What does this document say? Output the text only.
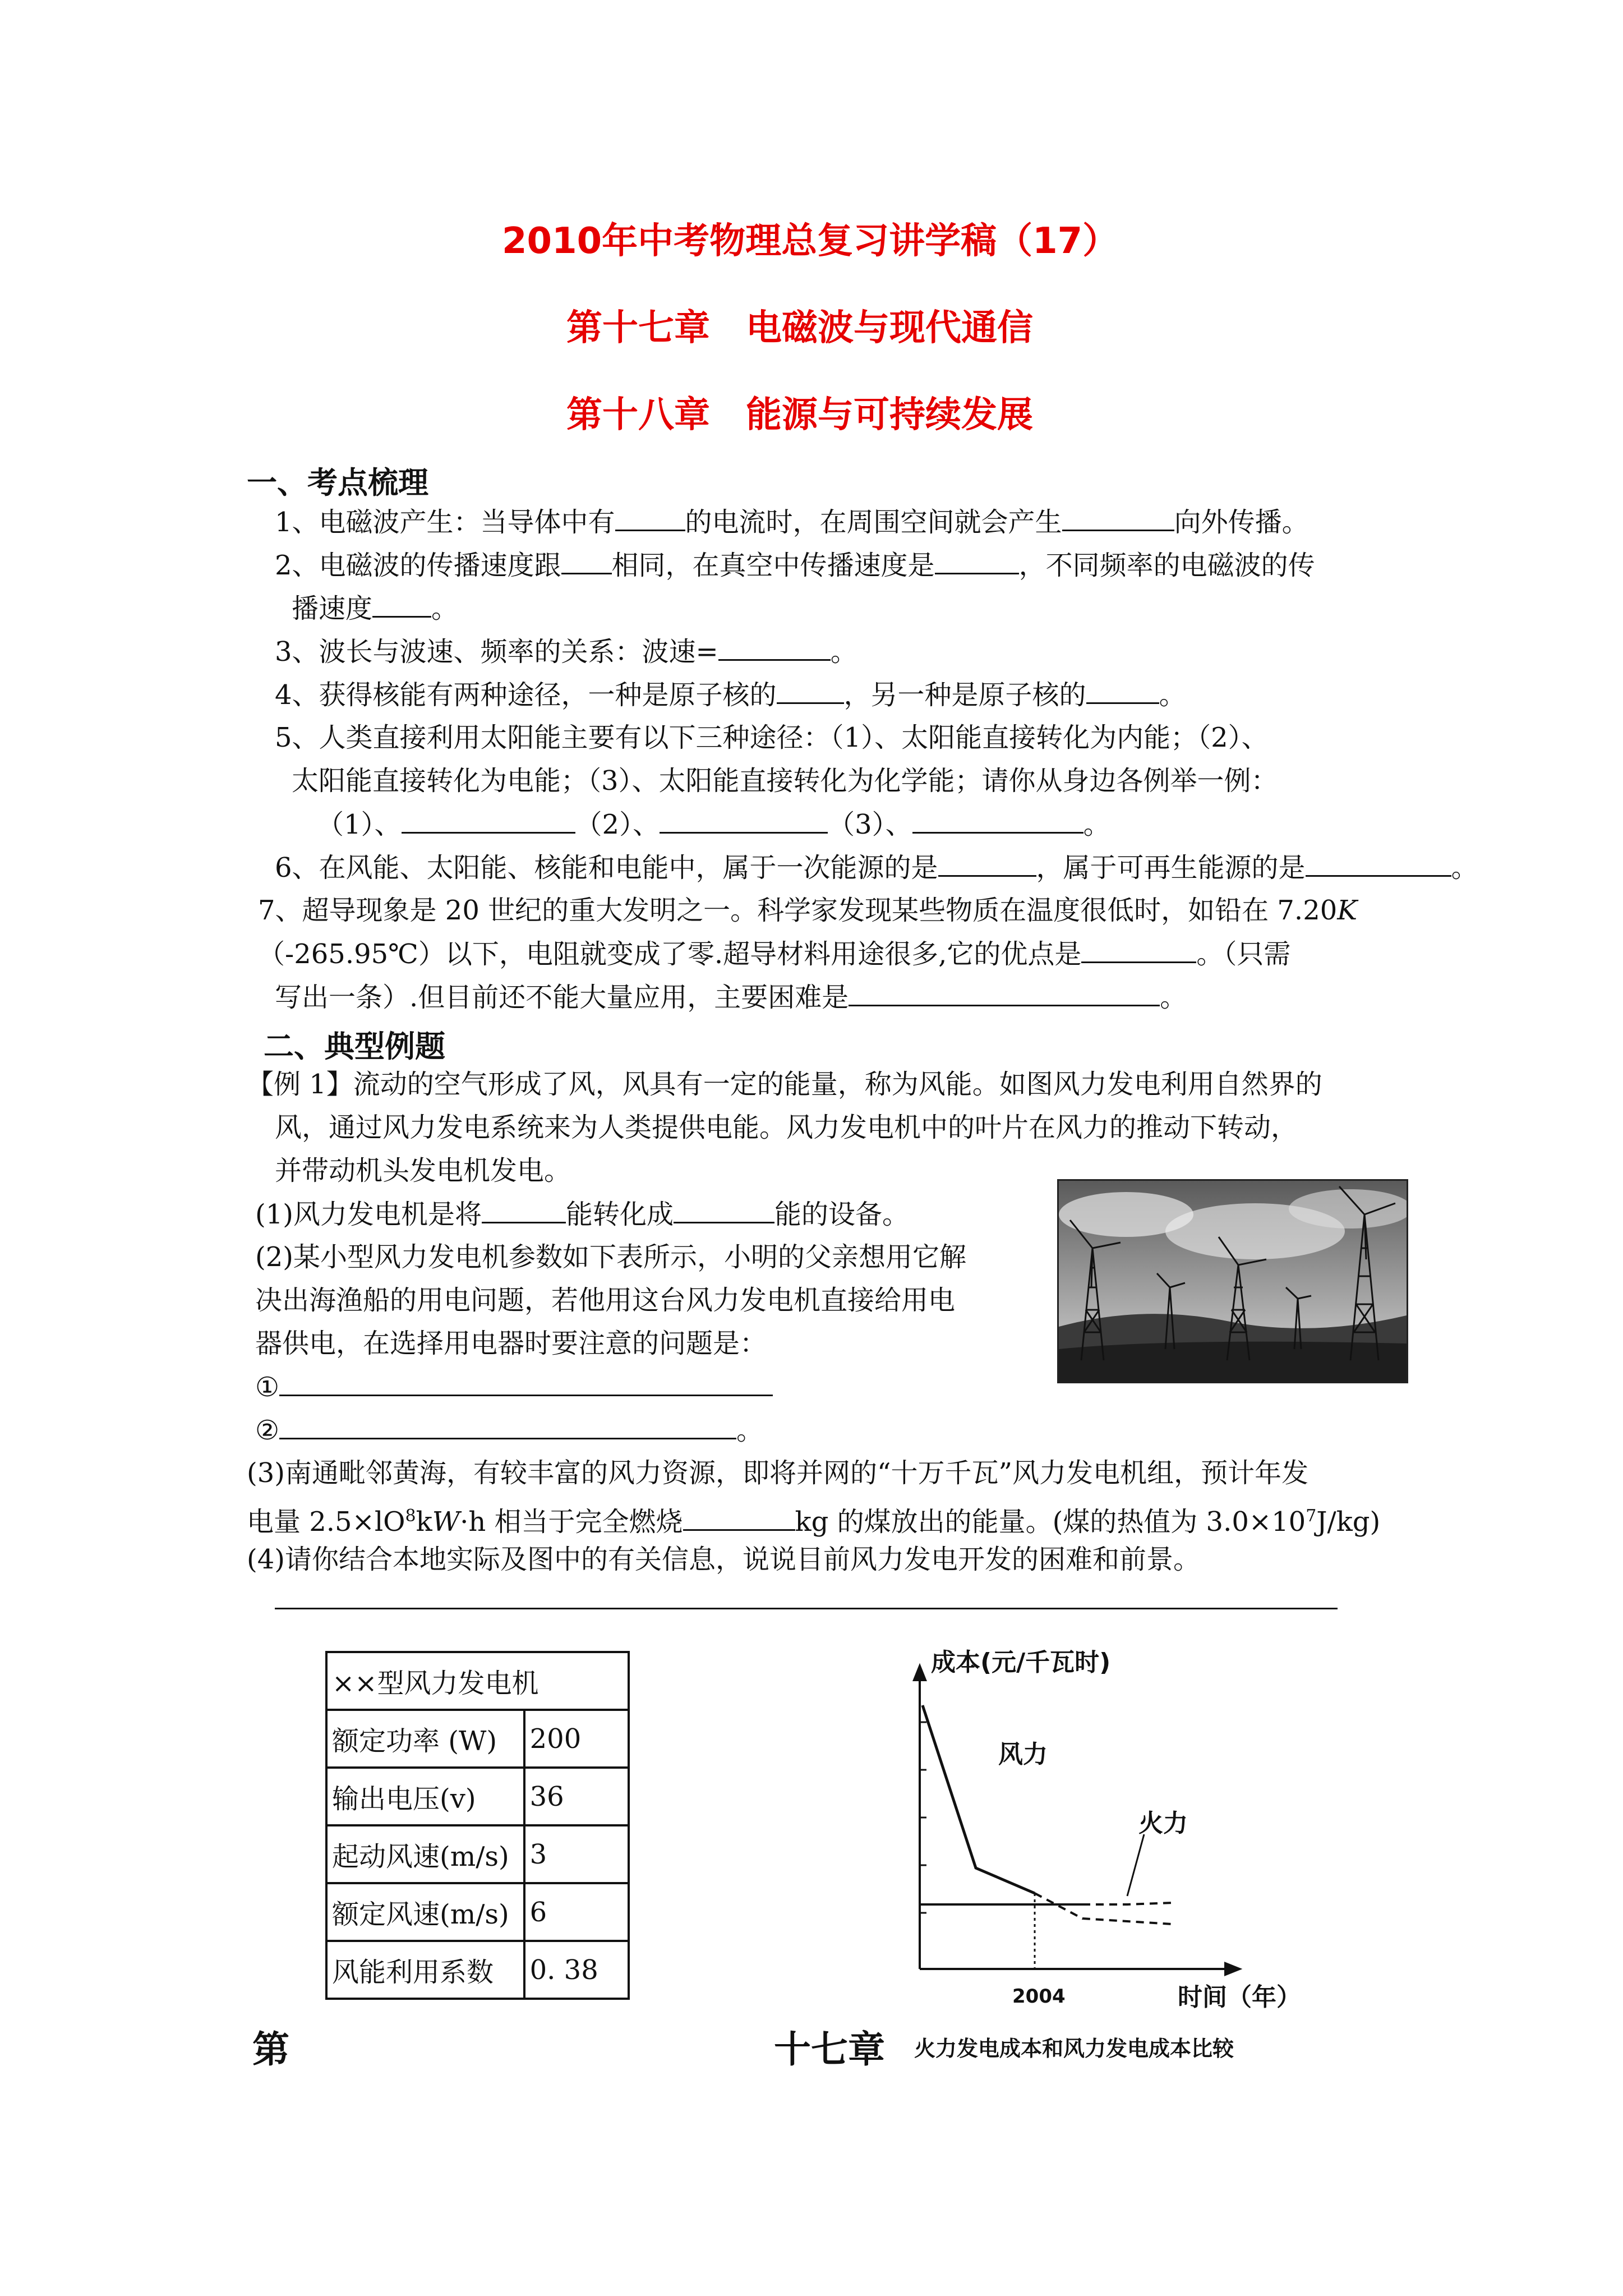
2010年中考物理总复习讲学稿（17）
第十七章　电磁波与现代通信
第十八章　能源与可持续发展
一、考点梳理
1、电磁波产生：当导体中有	的电流时，在周围空间就会产生	向外传播。
2、电磁波的传播速度跟 相同，在真空中传播速度是	，不同频率的电磁波的传
播速度 。
3、波长与波速、频率的关系：波速=	。
4、获得核能有两种途径，一种是原子核的	，另一种是原子核的	。
5、人类直接利用太阳能主要有以下三种途径：（1）、太阳能直接转化为内能；（2）、
太阳能直接转化为电能；（3）、太阳能直接转化为化学能；请你从身边各例举一例：
（1）、	（2）、	（3）、	。
6、在风能、太阳能、核能和电能中，属于一次能源的是	，属于可再生能源的是	。
7、超导现象是 20 世纪的重大发明之一。科学家发现某些物质在温度很低时，如铅在 7.20K
（-265.95℃）以下，电阻就变成了零.超导材料用途很多,它的优点是	。（只需
写出一条）.但目前还不能大量应用，主要困难是	。
二、典型例题
【例 1】流动的空气形成了风，风具有一定的能量，称为风能。如图风力发电利用自然界的
风，通过风力发电系统来为人类提供电能。风力发电机中的叶片在风力的推动下转动，
并带动机头发电机发电。
(1)风力发电机是将	能转化成	能的设备。
(2)某小型风力发电机参数如下表所示，小明的父亲想用它解
决出海渔船的用电问题，若他用这台风力发电机直接给用电
器供电，在选择用电器时要注意的问题是：
①
②	。
(3)南通毗邻黄海，有较丰富的风力资源，即将并网的“十万千瓦”风力发电机组，预计年发
电量 $2.5\times lO^8kW\cdot h$ 相当于完全燃烧	kg 的煤放出的能量。(煤的热值为 $3.0\times 10^7J/kg$)
(4)请你结合本地实际及图中的有关信息，说说目前风力发电开发的困难和前景。
××型风力发电机	
额定功率 (W)	200
输出电压(v)	36
起动风速(m/s)	3
额定风速(m/s)	6
风能利用系数	0. 38
成本(元/千瓦时)
风力
火力
2004	时间（年）
火力发电成本和风力发电成本比较
第	十七章
